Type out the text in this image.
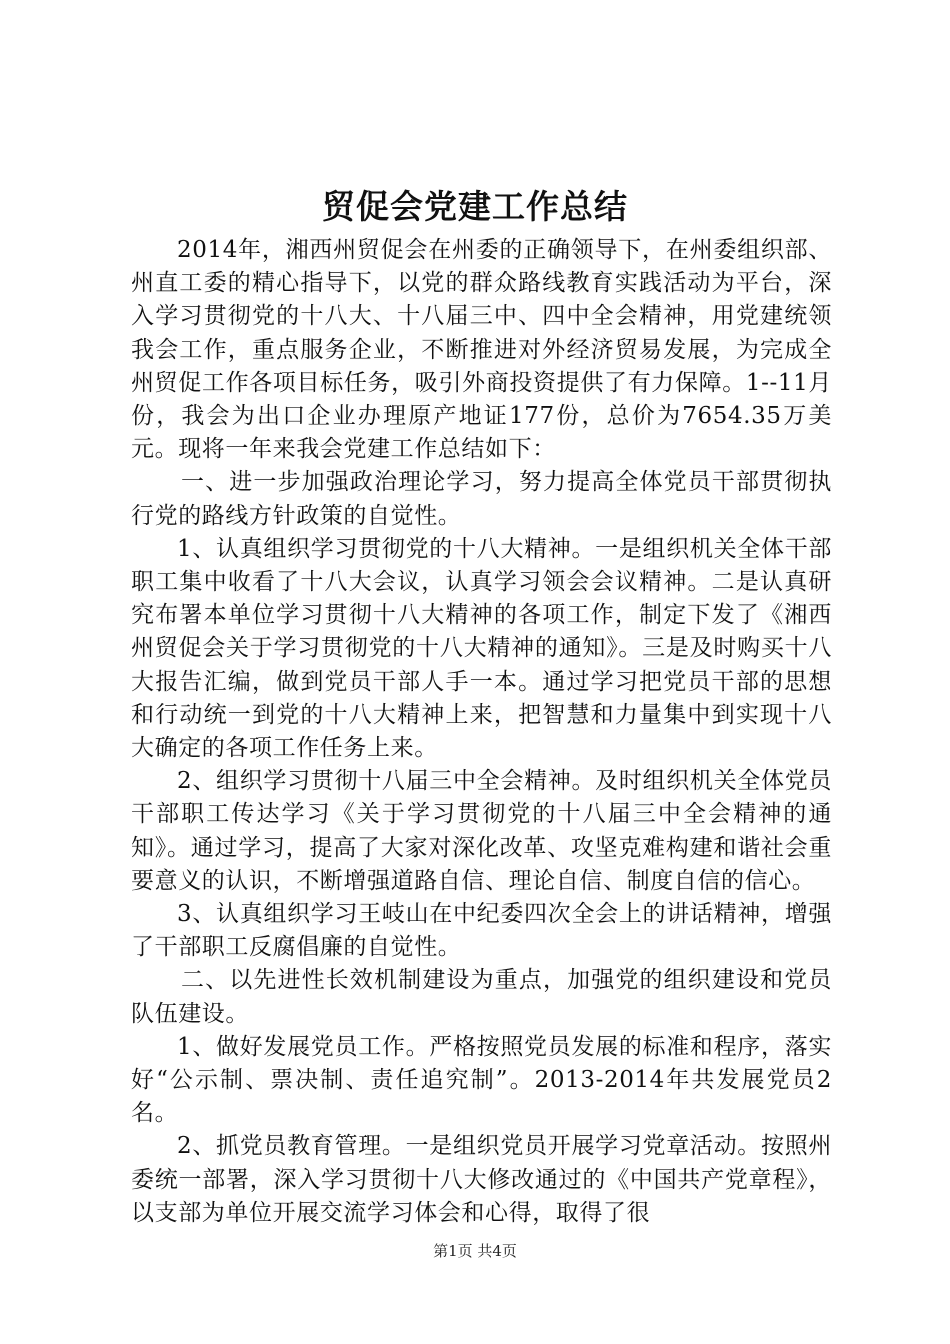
贸促会党建工作总结

2014年，湘西州贸促会在州委的正确领导下，在州委组织部、州直工委的精心指导下，以党的群众路线教育实践活动为平台，深入学习贯彻党的十八大、十八届三中、四中全会精神，用党建统领我会工作，重点服务企业，不断推进对外经济贸易发展，为完成全州贸促工作各项目标任务，吸引外商投资提供了有力保障。1--11月份，我会为出口企业办理原产地证177份，总价为7654.35万美元。现将一年来我会党建工作总结如下：

一、进一步加强政治理论学习，努力提高全体党员干部贯彻执行党的路线方针政策的自觉性。

1、认真组织学习贯彻党的十八大精神。一是组织机关全体干部职工集中收看了十八大会议，认真学习领会会议精神。二是认真研究布署本单位学习贯彻十八大精神的各项工作，制定下发了《湘西州贸促会关于学习贯彻党的十八大精神的通知》。三是及时购买十八大报告汇编，做到党员干部人手一本。通过学习把党员干部的思想和行动统一到党的十八大精神上来，把智慧和力量集中到实现十八大确定的各项工作任务上来。

2、组织学习贯彻十八届三中全会精神。及时组织机关全体党员干部职工传达学习《关于学习贯彻党的十八届三中全会精神的通知》。通过学习，提高了大家对深化改革、攻坚克难构建和谐社会重要意义的认识，不断增强道路自信、理论自信、制度自信的信心。

3、认真组织学习王岐山在中纪委四次全会上的讲话精神，增强了干部职工反腐倡廉的自觉性。

二、以先进性长效机制建设为重点，加强党的组织建设和党员队伍建设。

1、做好发展党员工作。严格按照党员发展的标准和程序，落实好“公示制、票决制、责任追究制”。2013-2014年共发展党员2名。

2、抓党员教育管理。一是组织党员开展学习党章活动。按照州委统一部署，深入学习贯彻十八大修改通过的《中国共产党章程》，以支部为单位开展交流学习体会和心得，取得了很

第1页 共4页
